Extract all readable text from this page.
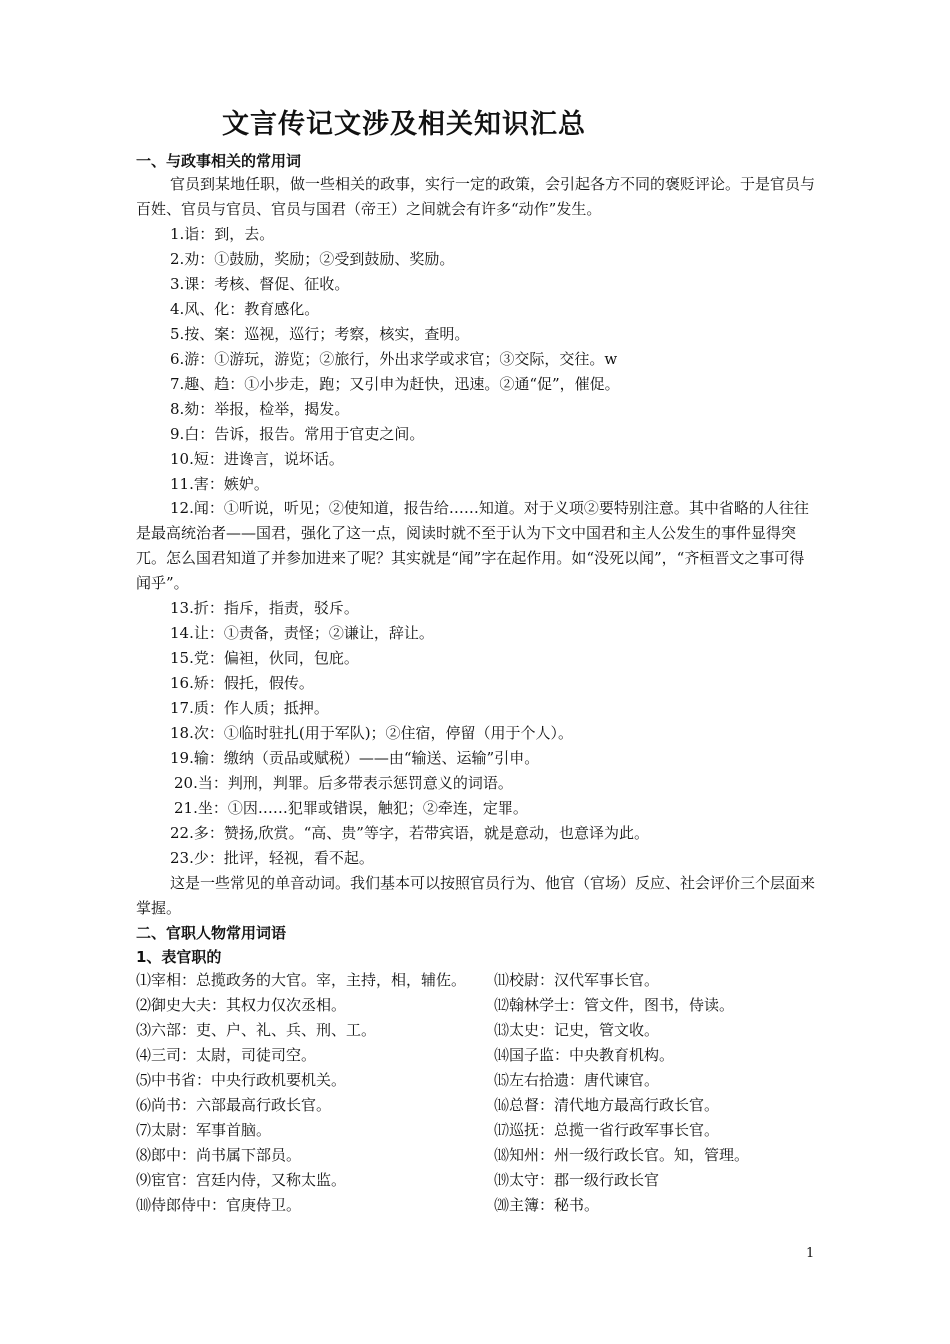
文言传记文涉及相关知识汇总
一、与政事相关的常用词

官员到某地任职，做一些相关的政事，实行一定的政策，会引起各方不同的褒贬评论。于是官员与百姓、官员与官员、官员与国君（帝王）之间就会有许多“动作”发生。

1.诣：到，去。
2.劝：①鼓励，奖励；②受到鼓励、奖励。
3.课：考核、督促、征收。
4.风、化：教育感化。
5.按、案：巡视，巡行；考察，核实，查明。
6.游：①游玩，游览；②旅行，外出求学或求官；③交际，交往。w
7.趣、趋：①小步走，跑；又引申为赶快，迅速。②通“促”，催促。
8.劾：举报，检举，揭发。
9.白：告诉，报告。常用于官吏之间。
10.短：进谗言，说坏话。
11.害：嫉妒。

12.闻：①听说，听见；②使知道，报告给……知道。对于义项②要特别注意。其中省略的人往往是最高统治者——国君，强化了这一点，阅读时就不至于认为下文中国君和主人公发生的事件显得突兀。怎么国君知道了并参加进来了呢？其实就是“闻”字在起作用。如“没死以闻”，“齐桓晋文之事可得闻乎”。

13.折：指斥，指责，驳斥。
14.让：①责备，责怪；②谦让，辞让。
15.党：偏袒，伙同，包庇。
16.矫：假托，假传。
17.质：作人质；抵押。
18.次：①临时驻扎(用于军队)；②住宿，停留（用于个人）。
19.输：缴纳（贡品或赋税）——由“输送、运输”引申。
20.当：判刑，判罪。后多带表示惩罚意义的词语。
21.坐：①因……犯罪或错误，触犯；②牵连，定罪。
22.多：赞扬,欣赏。“高、贵”等字，若带宾语，就是意动，也意译为此。
23.少：批评，轻视，看不起。

这是一些常见的单音动词。我们基本可以按照官员行为、他官（官场）反应、社会评价三个层面来掌握。

二、官职人物常用词语
1、表官职的
⑴宰相：总揽政务的大官。宰，主持，相，辅佐。
⑵御史大夫：其权力仅次丞相。
⑶六部：吏、户、礼、兵、刑、工。
⑷三司：太尉，司徒司空。
⑸中书省：中央行政机要机关。
⑹尚书：六部最高行政长官。
⑺太尉：军事首脑。
⑻郎中：尚书属下部员。
⑼宦官：宫廷内侍，又称太监。
⑽侍郎侍中：官庚侍卫。
⑾校尉：汉代军事长官。
⑿翰林学士：管文件，图书，侍读。
⒀太史：记史，管文收。
⒁国子监：中央教育机构。
⒂左右拾遗：唐代谏官。
⒃总督：清代地方最高行政长官。
⒄巡抚：总揽一省行政军事长官。
⒅知州：州一级行政长官。知，管理。
⒆太守：郡一级行政长官
⒇主簿：秘书。
1
